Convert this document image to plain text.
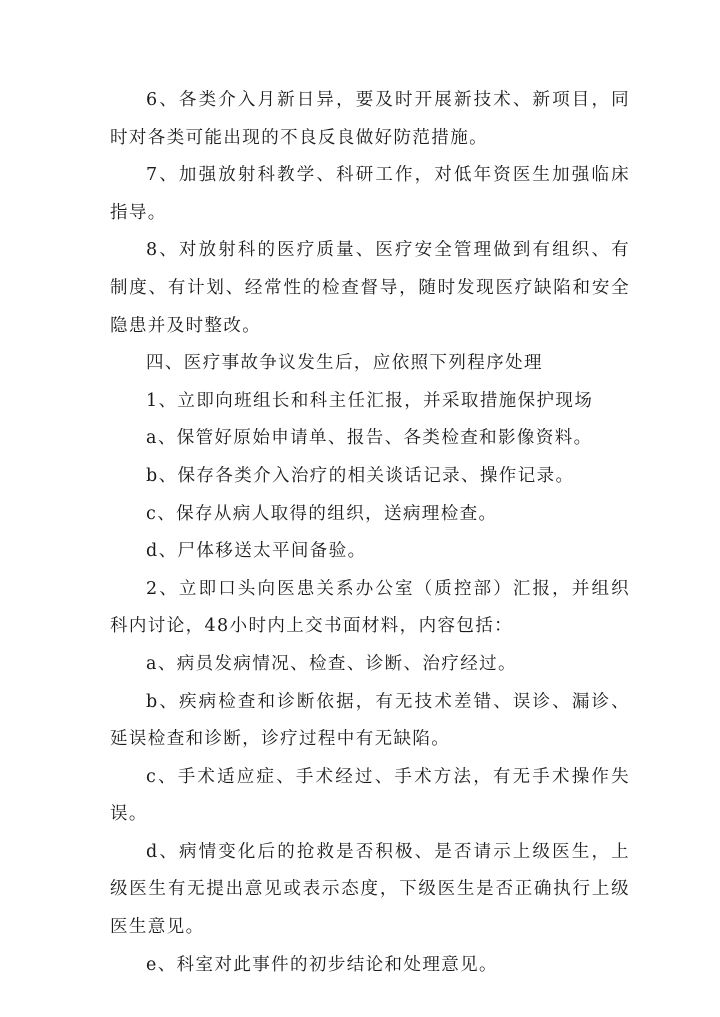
6、各类介入月新日异，要及时开展新技术、新项目，同时对各类可能出现的不良反良做好防范措施。

7、加强放射科教学、科研工作，对低年资医生加强临床指导。

8、对放射科的医疗质量、医疗安全管理做到有组织、有制度、有计划、经常性的检查督导，随时发现医疗缺陷和安全隐患并及时整改。

四、医疗事故争议发生后，应依照下列程序处理

1、立即向班组长和科主任汇报，并采取措施保护现场

a、保管好原始申请单、报告、各类检查和影像资料。

b、保存各类介入治疗的相关谈话记录、操作记录。

c、保存从病人取得的组织，送病理检查。

d、尸体移送太平间备验。

2、立即口头向医患关系办公室（质控部）汇报，并组织科内讨论，48小时内上交书面材料，内容包括：

a、病员发病情况、检查、诊断、治疗经过。

b、疾病检查和诊断依据，有无技术差错、误诊、漏诊、延误检查和诊断，诊疗过程中有无缺陷。

c、手术适应症、手术经过、手术方法，有无手术操作失误。

d、病情变化后的抢救是否积极、是否请示上级医生，上级医生有无提出意见或表示态度，下级医生是否正确执行上级医生意见。

e、科室对此事件的初步结论和处理意见。
